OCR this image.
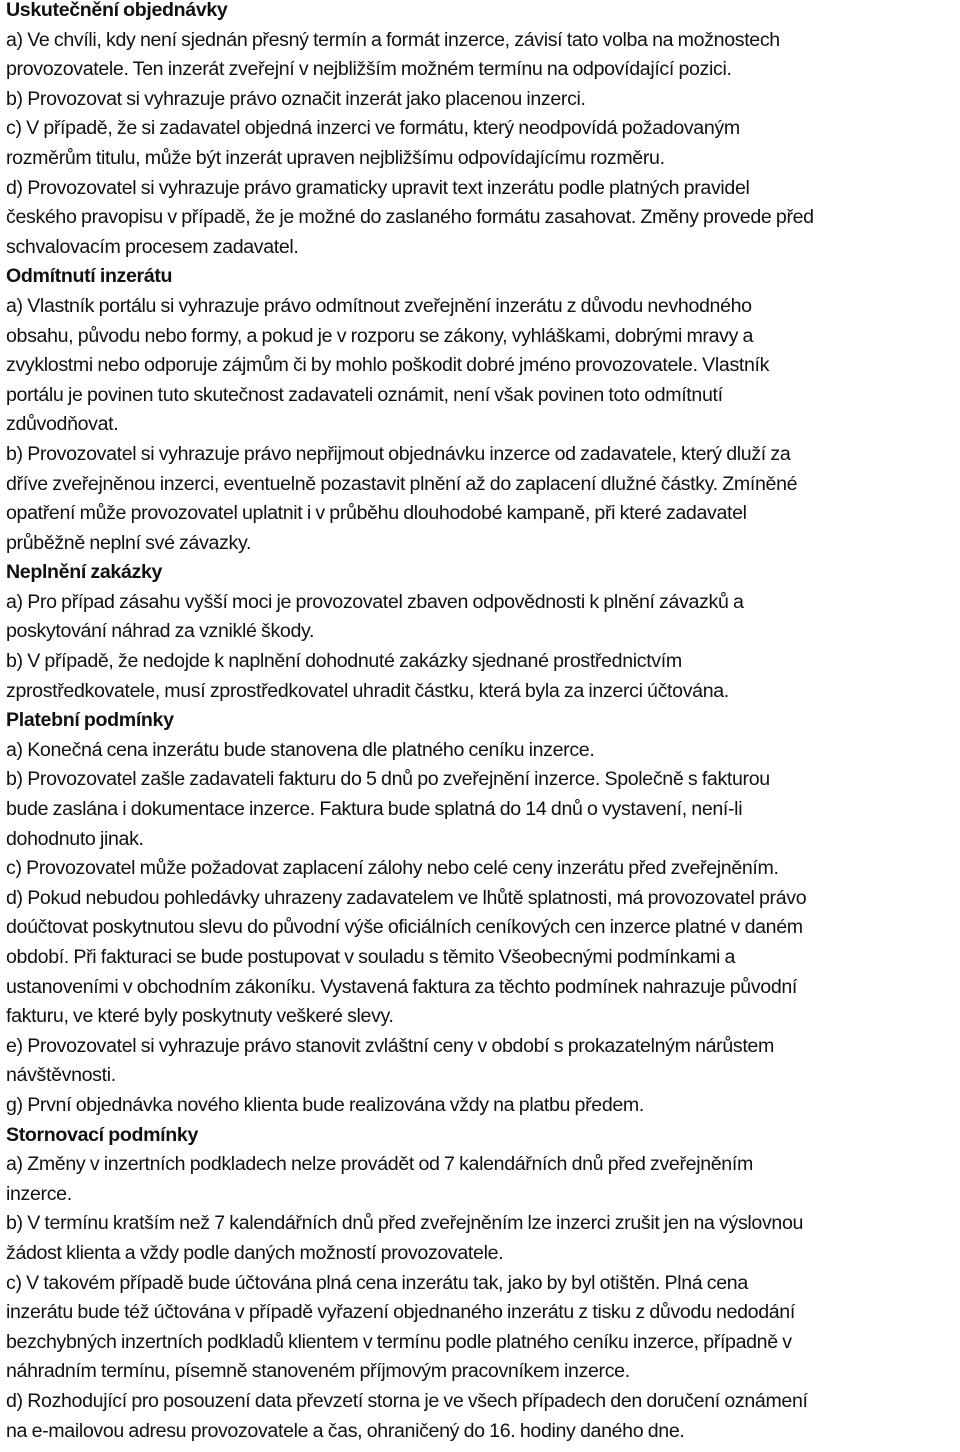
Uskutečnění objednávky
a) Ve chvíli, kdy není sjednán přesný termín a formát inzerce, závisí tato volba na možnostech
provozovatele. Ten inzerát zveřejní v nejbližším možném termínu na odpovídající pozici.
b) Provozovat si vyhrazuje právo označit inzerát jako placenou inzerci.
c) V případě, že si zadavatel objedná inzerci ve formátu, který neodpovídá požadovaným
rozměrům titulu, může být inzerát upraven nejbližšímu odpovídajícímu rozměru.
d) Provozovatel si vyhrazuje právo gramaticky upravit text inzerátu podle platných pravidel
českého pravopisu v případě, že je možné do zaslaného formátu zasahovat. Změny provede před
schvalovacím procesem zadavatel.
Odmítnutí inzerátu
a) Vlastník portálu si vyhrazuje právo odmítnout zveřejnění inzerátu z důvodu nevhodného
obsahu, původu nebo formy, a pokud je v rozporu se zákony, vyhláškami, dobrými mravy a
zvyklostmi nebo odporuje zájmům či by mohlo poškodit dobré jméno provozovatele. Vlastník
portálu je povinen tuto skutečnost zadavateli oznámit, není však povinen toto odmítnutí
zdůvodňovat.
b) Provozovatel si vyhrazuje právo nepřijmout objednávku inzerce od zadavatele, který dluží za
dříve zveřejněnou inzerci, eventuelně pozastavit plnění až do zaplacení dlužné částky. Zmíněné
opatření může provozovatel uplatnit i v průběhu dlouhodobé kampaně, při které zadavatel
průběžně neplní své závazky.
Neplnění zakázky
a) Pro případ zásahu vyšší moci je provozovatel zbaven odpovědnosti k plnění závazků a
poskytování náhrad za vzniklé škody.
b) V případě, že nedojde k naplnění dohodnuté zakázky sjednané prostřednictvím
zprostředkovatele, musí zprostředkovatel uhradit částku, která byla za inzerci účtována.
Platební podmínky
a) Konečná cena inzerátu bude stanovena dle platného ceníku inzerce.
b) Provozovatel zašle zadavateli fakturu do 5 dnů po zveřejnění inzerce. Společně s fakturou
bude zaslána i dokumentace inzerce. Faktura bude splatná do 14 dnů o vystavení, není-li
dohodnuto jinak.
c) Provozovatel může požadovat zaplacení zálohy nebo celé ceny inzerátu před zveřejněním.
d) Pokud nebudou pohledávky uhrazeny zadavatelem ve lhůtě splatnosti, má provozovatel právo
doúčtovat poskytnutou slevu do původní výše oficiálních ceníkových cen inzerce platné v daném
období. Při fakturaci se bude postupovat v souladu s těmito Všeobecnými podmínkami a
ustanoveními v obchodním zákoníku. Vystavená faktura za těchto podmínek nahrazuje původní
fakturu, ve které byly poskytnuty veškeré slevy.
e) Provozovatel si vyhrazuje právo stanovit zvláštní ceny v období s prokazatelným nárůstem
návštěvnosti.
g) První objednávka nového klienta bude realizována vždy na platbu předem.
Stornovací podmínky
a) Změny v inzertních podkladech nelze provádět od 7 kalendářních dnů před zveřejněním
inzerce.
b) V termínu kratším než 7 kalendářních dnů před zveřejněním lze inzerci zrušit jen na výslovnou
žádost klienta a vždy podle daných možností provozovatele.
c) V takovém případě bude účtována plná cena inzerátu tak, jako by byl otištěn. Plná cena
inzerátu bude též účtována v případě vyřazení objednaného inzerátu z tisku z důvodu nedodání
bezchybných inzertních podkladů klientem v termínu podle platného ceníku inzerce, případně v
náhradním termínu, písemně stanoveném příjmovým pracovníkem inzerce.
d) Rozhodující pro posouzení data převzetí storna je ve všech případech den doručení oznámení
na e-mailovou adresu provozovatele a čas, ohraničený do 16. hodiny daného dne.
